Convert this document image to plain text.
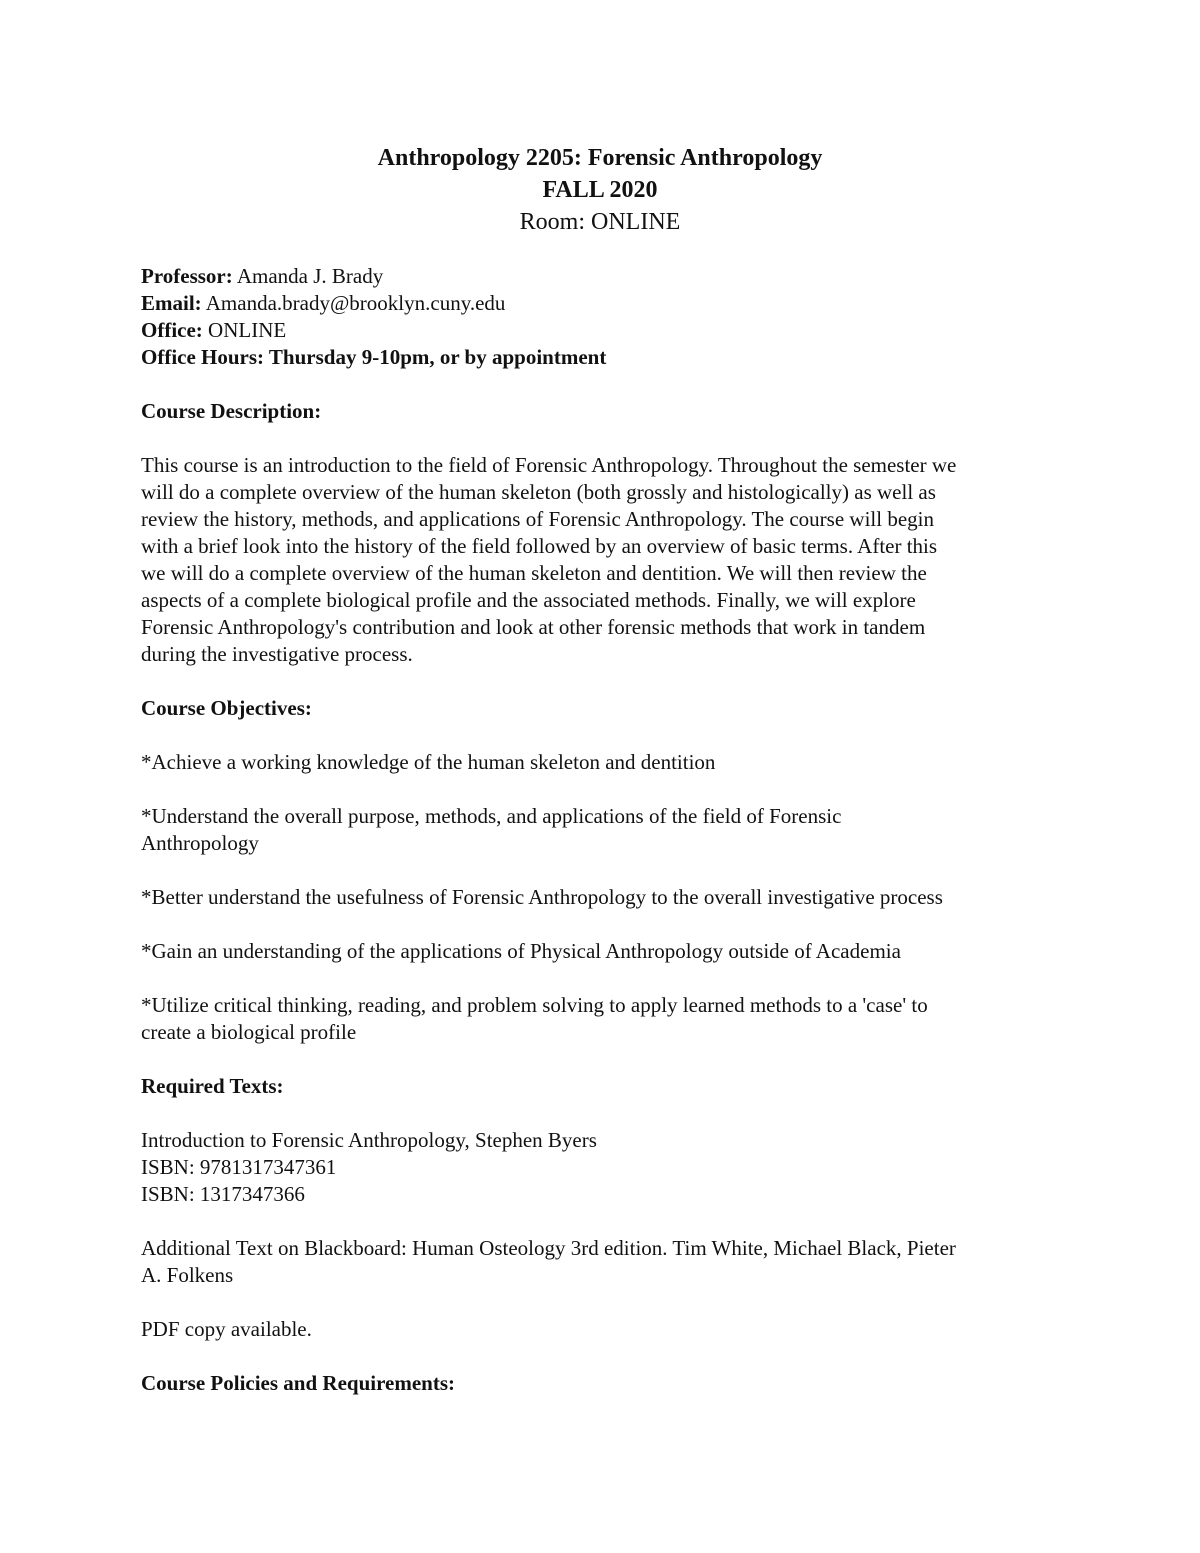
Anthropology 2205: Forensic Anthropology
FALL 2020
Room: ONLINE
Professor: Amanda J. Brady
Email: Amanda.brady@brooklyn.cuny.edu
Office: ONLINE
Office Hours: Thursday 9-10pm, or by appointment
Course Description:
This course is an introduction to the field of Forensic Anthropology. Throughout the semester we
will do a complete overview of the human skeleton (both grossly and histologically) as well as
review the history, methods, and applications of Forensic Anthropology. The course will begin
with a brief look into the history of the field followed by an overview of basic terms. After this
we will do a complete overview of the human skeleton and dentition. We will then review the
aspects of a complete biological profile and the associated methods. Finally, we will explore
Forensic Anthropology's contribution and look at other forensic methods that work in tandem
during the investigative process.
Course Objectives:
*Achieve a working knowledge of the human skeleton and dentition
*Understand the overall purpose, methods, and applications of the field of Forensic
Anthropology
*Better understand the usefulness of Forensic Anthropology to the overall investigative process
*Gain an understanding of the applications of Physical Anthropology outside of Academia
*Utilize critical thinking, reading, and problem solving to apply learned methods to a 'case' to
create a biological profile
Required Texts:
Introduction to Forensic Anthropology, Stephen Byers
ISBN: 9781317347361
ISBN: 1317347366
Additional Text on Blackboard: Human Osteology 3rd edition. Tim White, Michael Black, Pieter
A. Folkens
PDF copy available.
Course Policies and Requirements:
